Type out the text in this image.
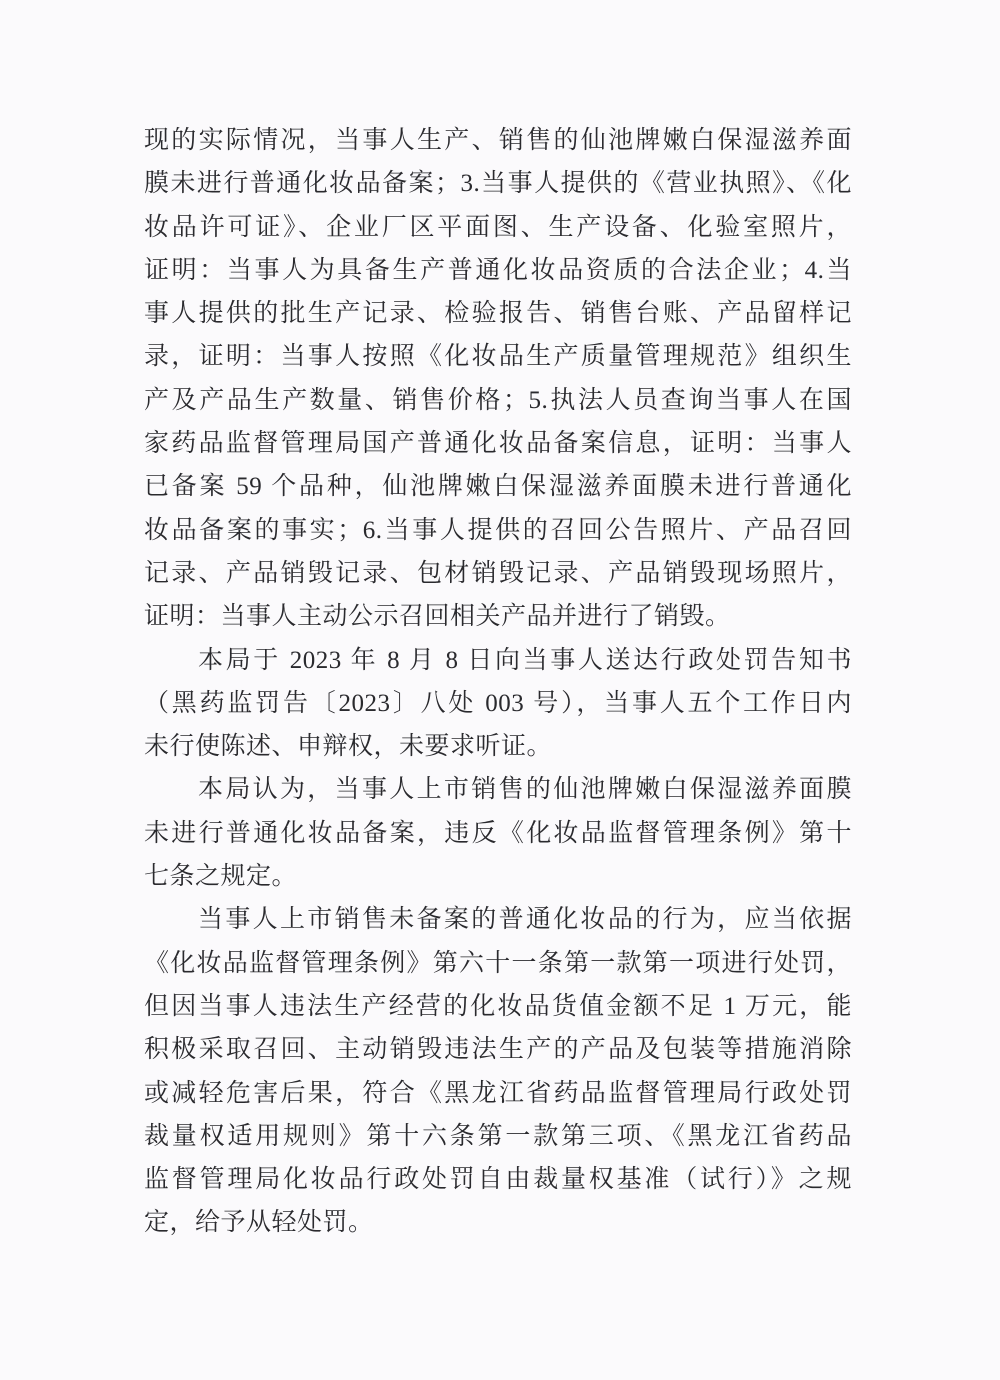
现的实际情况，当事人生产、销售的仙池牌嫩白保湿滋养面
膜未进行普通化妆品备案；3.当事人提供的《营业执照》、《化
妆品许可证》、企业厂区平面图、生产设备、化验室照片，
证明：当事人为具备生产普通化妆品资质的合法企业；4.当
事人提供的批生产记录、检验报告、销售台账、产品留样记
录，证明：当事人按照《化妆品生产质量管理规范》组织生
产及产品生产数量、销售价格；5.执法人员查询当事人在国
家药品监督管理局国产普通化妆品备案信息，证明：当事人
已备案 59 个品种，仙池牌嫩白保湿滋养面膜未进行普通化
妆品备案的事实；6.当事人提供的召回公告照片、产品召回
记录、产品销毁记录、包材销毁记录、产品销毁现场照片，
证明：当事人主动公示召回相关产品并进行了销毁。
本局于 2023 年 8 月 8 日向当事人送达行政处罚告知书
（黑药监罚告〔2023〕八处 003 号），当事人五个工作日内
未行使陈述、申辩权，未要求听证。
本局认为，当事人上市销售的仙池牌嫩白保湿滋养面膜
未进行普通化妆品备案，违反《化妆品监督管理条例》第十
七条之规定。
当事人上市销售未备案的普通化妆品的行为，应当依据
《化妆品监督管理条例》第六十一条第一款第一项进行处罚，
但因当事人违法生产经营的化妆品货值金额不足 1 万元，能
积极采取召回、主动销毁违法生产的产品及包装等措施消除
或减轻危害后果，符合《黑龙江省药品监督管理局行政处罚
裁量权适用规则》第十六条第一款第三项、《黑龙江省药品
监督管理局化妆品行政处罚自由裁量权基准（试行）》之规
定，给予从轻处罚。
